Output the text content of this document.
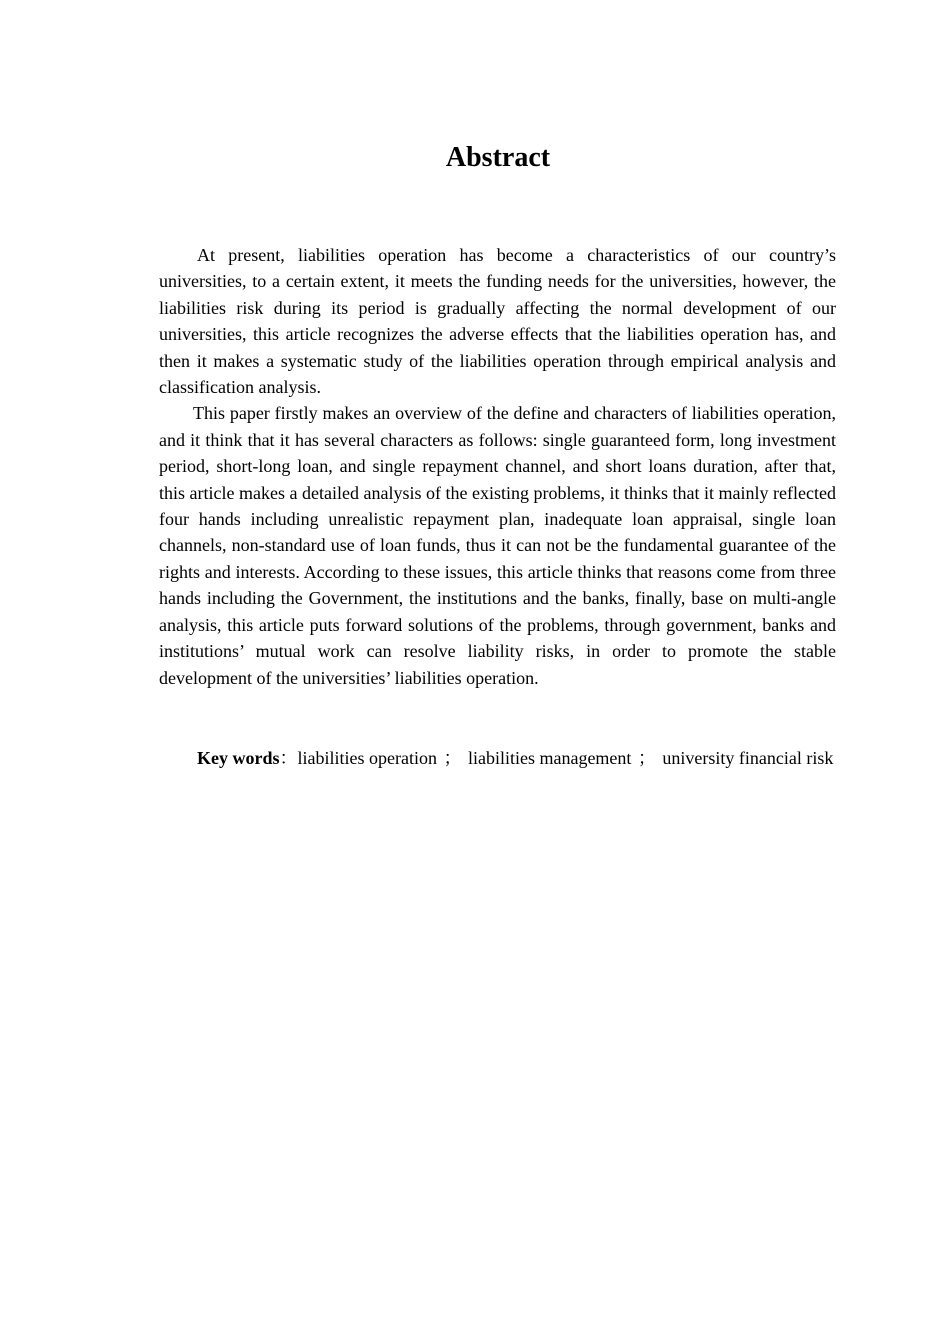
Abstract

At present, liabilities operation has become a characteristics of our country’s universities, to a certain extent, it meets the funding needs for the universities, however, the liabilities risk during its period is gradually affecting the normal development of our universities, this article recognizes the adverse effects that the liabilities operation has, and then it makes a systematic study of the liabilities operation through empirical analysis and classification analysis.

This paper firstly makes an overview of the define and characters of liabilities operation, and it think that it has several characters as follows: single guaranteed form, long investment period, short-long loan, and single repayment channel, and short loans duration, after that, this article makes a detailed analysis of the existing problems, it thinks that it mainly reflected four hands including unrealistic repayment plan, inadequate loan appraisal, single loan channels, non-standard use of loan funds, thus it can not be the fundamental guarantee of the rights and interests. According to these issues, this article thinks that reasons come from three hands including the Government, the institutions and the banks, finally, base on multi-angle analysis, this article puts forward solutions of the problems, through government, banks and institutions’ mutual work can resolve liability risks, in order to promote the stable development of the universities’ liabilities operation.

Key words：liabilities operation ； liabilities management ； university financial risk
